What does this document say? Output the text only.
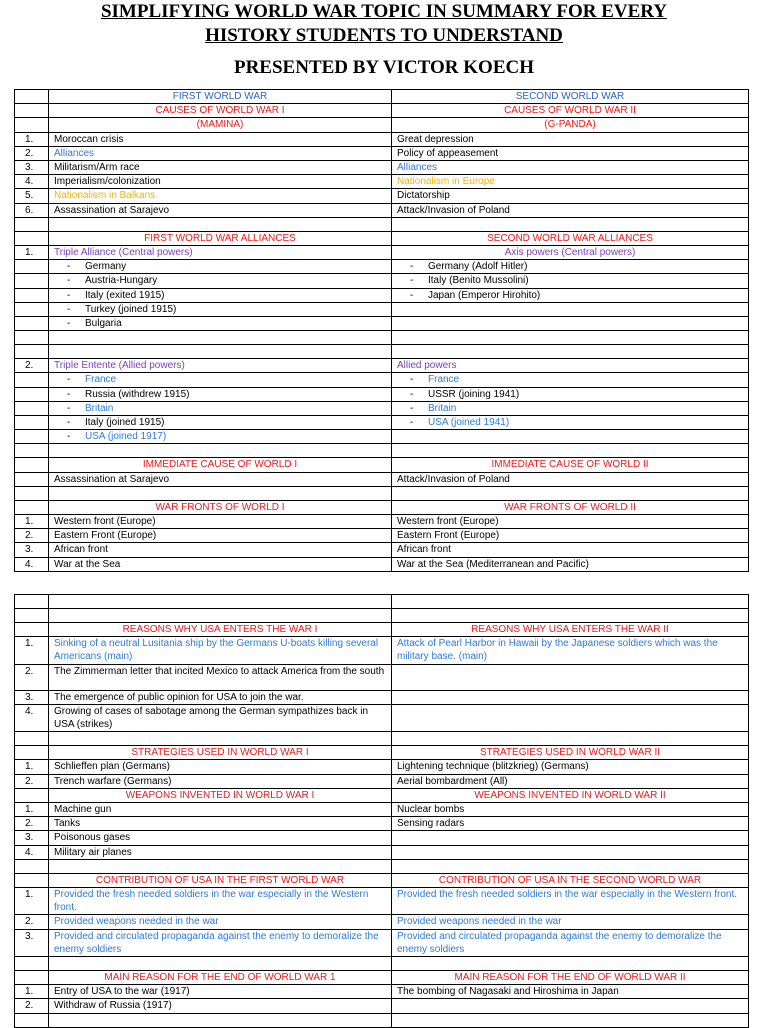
SIMPLIFYING WORLD WAR TOPIC IN SUMMARY FOR EVERY
HISTORY STUDENTS TO UNDERSTAND
PRESENTED BY VICTOR KOECH
	FIRST WORLD WAR	SECOND WORLD WAR
	CAUSES OF WORLD WAR I	CAUSES OF WORLD WAR II
	(MAMINA)	(G-PANDA)
1.	Moroccan crisis	Great depression
2.	Alliances	Policy of appeasement
3.	Militarism/Arm race	Alliances
4.	Imperialism/colonization	Nationalism in Europe
5.	Nationalism in Balkans	Dictatorship
6.	Assassination at Sarajevo	Attack/Invasion of Poland

	FIRST WORLD WAR ALLIANCES	SECOND WORLD WAR ALLIANCES
1.	Triple Alliance (Central powers)	Axis powers (Central powers)
	- Germany	- Germany (Adolf Hitler)
	- Austria-Hungary	- Italy (Benito Mussolini)
	- Italy (exited 1915)	- Japan (Emperor Hirohito)
	- Turkey (joined 1915)	
	- Bulgaria	

2.	Triple Entente (Allied powers)	Allied powers
	- France	- France
	- Russia (withdrew 1915)	- USSR (joining 1941)
	- Britain	- Britain
	- Italy (joined 1915)	- USA (joined 1941)
	- USA (joined 1917)	

	IMMEDIATE CAUSE OF WORLD I	IMMEDIATE CAUSE OF WORLD II
	Assassination at Sarajevo	Attack/Invasion of Poland

	WAR FRONTS OF WORLD I	WAR FRONTS OF WORLD II
1.	Western front (Europe)	Western front (Europe)
2.	Eastern Front (Europe)	Eastern Front (Europe)
3.	African front	African front
4.	War at the Sea	War at the Sea (Mediterranean and Pacific)

	REASONS WHY USA ENTERS THE WAR I	REASONS WHY USA ENTERS THE WAR II
1.	Sinking of a neutral Lusitania ship by the Germans U-boats killing several Americans (main)	Attack of Pearl Harbor in Hawaii by the Japanese soldiers which was the military base. (main)
2.	The Zimmerman letter that incited Mexico to attack America from the south	
3.	The emergence of public opinion for USA to join the war.	
4.	Growing of cases of sabotage among the German sympathizes back in USA (strikes)	

	STRATEGIES USED IN WORLD WAR I	STRATEGIES USED IN WORLD WAR II
1.	Schlieffen plan (Germans)	Lightening technique (blitzkrieg) (Germans)
2.	Trench warfare (Germans)	Aerial bombardment (All)
	WEAPONS INVENTED IN WORLD WAR I	WEAPONS INVENTED IN WORLD WAR II
1.	Machine gun	Nuclear bombs
2.	Tanks	Sensing radars
3.	Poisonous gases	
4.	Military air planes	

	CONTRIBUTION OF USA IN THE FIRST WORLD WAR	CONTRIBUTION OF USA IN THE SECOND WORLD WAR
1.	Provided the fresh needed soldiers in the war especially in the Western front.	Provided the fresh needed soldiers in the war especially in the Western front.
2.	Provided weapons needed in the war	Provided weapons needed in the war
3.	Provided and circulated propaganda against the enemy to demoralize the enemy soldiers	Provided and circulated propaganda against the enemy to demoralize the enemy soldiers

	MAIN REASON FOR THE END OF WORLD WAR 1	MAIN REASON FOR THE END OF WORLD WAR II
1.	Entry of USA to the war (1917)	The bombing of Nagasaki and Hiroshima in Japan
2.	Withdraw of Russia (1917)	
